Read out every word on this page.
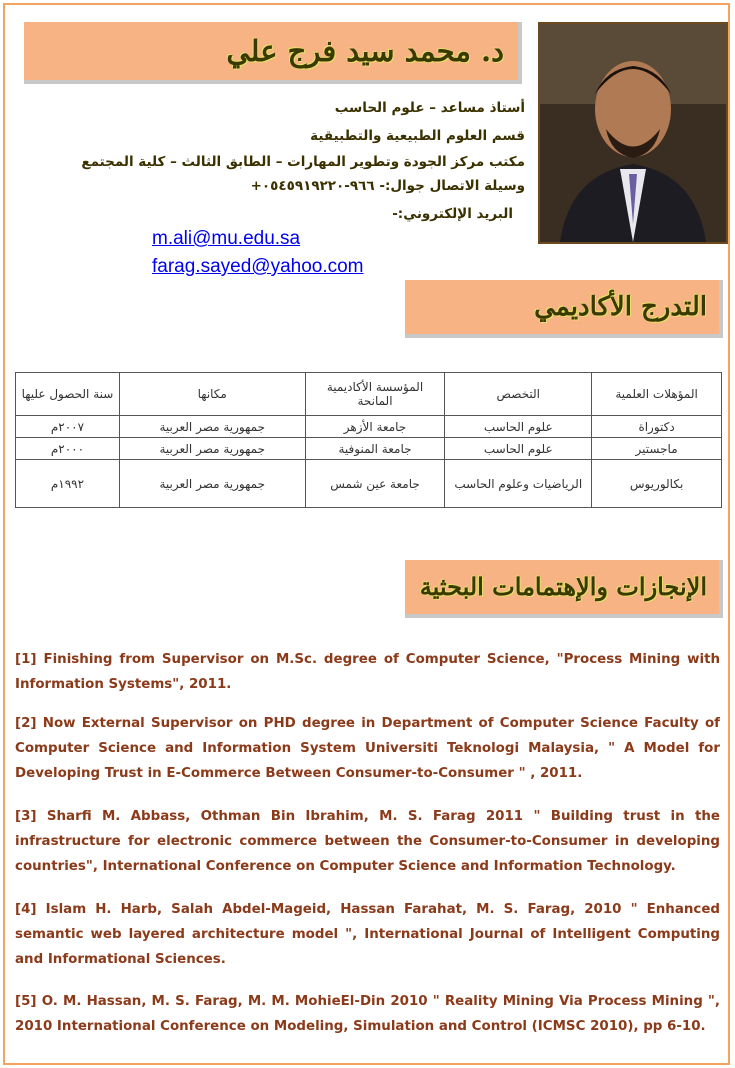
د. محمد سيد فرج علي
أستاذ مساعد – علوم الحاسب
قسم العلوم الطبيعية والتطبيقية
مكتب مركز الجودة وتطوير المهارات – الطابق الثالث – كلية المجتمع
وسيلة الاتصال جوال:- ٩٦٦-٠٥٤٥٩١٩٢٢٠+
البريد الإلكتروني:-
m.ali@mu.edu.sa
farag.sayed@yahoo.com
التدرج الأكاديمي
المؤهلات العلمية	التخصص	المؤسسة الأكاديمية المانحة	مكانها	سنة الحصول عليها
دكتوراة	علوم الحاسب	جامعة الأزهر	جمهورية مصر العربية	٢٠٠٧م
ماجستير	علوم الحاسب	جامعة المنوفية	جمهورية مصر العربية	٢٠٠٠م
بكالوريوس	الرياضيات وعلوم الحاسب	جامعة عين شمس	جمهورية مصر العربية	١٩٩٢م
الإنجازات والإهتمامات البحثية

[1] Finishing from Supervisor on M.Sc. degree of Computer Science, "Process Mining with Information Systems", 2011.

[2] Now External Supervisor on PHD degree in Department of Computer Science Faculty of Computer Science and Information System Universiti Teknologi Malaysia, " A Model for Developing Trust in E-Commerce Between Consumer-to-Consumer " , 2011.

[3] Sharfi M. Abbass, Othman Bin Ibrahim, M. S. Farag 2011 " Building trust in the infrastructure for electronic commerce between the Consumer-to-Consumer in developing countries", International Conference on Computer Science and Information Technology.

[4] Islam H. Harb, Salah Abdel-Mageid, Hassan Farahat, M. S. Farag, 2010 " Enhanced semantic web layered architecture model ", International Journal of Intelligent Computing and Informational Sciences.

[5] O. M. Hassan, M. S. Farag, M. M. MohieEl-Din 2010 " Reality Mining Via Process Mining ", 2010 International Conference on Modeling, Simulation and Control (ICMSC 2010), pp 6-10.
